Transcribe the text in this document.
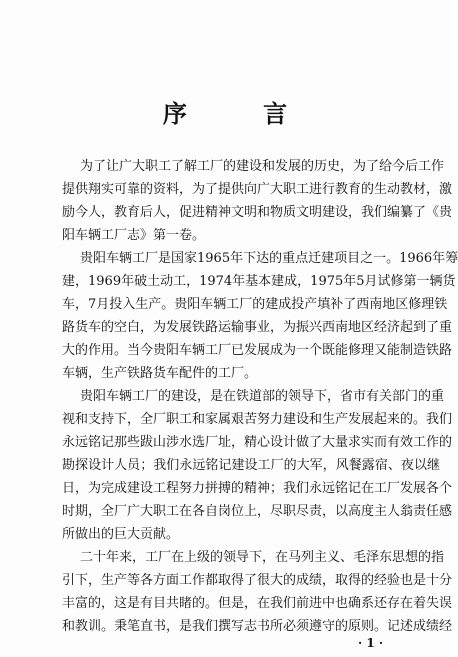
序 言
为了让广大职工了解工厂的建设和发展的历史，为了给今后工作
提供翔实可靠的资料，为了提供向广大职工进行教育的生动教材，激
励今人，教育后人，促进精神文明和物质文明建设，我们编纂了《贵
阳车辆工厂志》第一卷。
贵阳车辆工厂是国家1965年下达的重点迁建项目之一。1966年筹
建，1969年破土动工，1974年基本建成，1975年5月试修第一辆货
车，7月投入生产。贵阳车辆工厂的建成投产填补了西南地区修理铁
路货车的空白，为发展铁路运输事业，为振兴西南地区经济起到了重
大的作用。当今贵阳车辆工厂已发展成为一个既能修理又能制造铁路
车辆，生产铁路货车配件的工厂。
贵阳车辆工厂的建设，是在铁道部的领导下，省市有关部门的重
视和支持下，全厂职工和家属艰苦努力建设和生产发展起来的。我们
永远铭记那些跋山涉水选厂址，精心设计做了大量求实而有效工作的
勘探设计人员；我们永远铭记建设工厂的大军，风餐露宿、夜以继
日，为完成建设工程努力拼搏的精神；我们永远铭记在工厂发展各个
时期，全厂广大职工在各自岗位上，尽职尽责，以高度主人翁责任感
所做出的巨大贡献。
二十年来，工厂在上级的领导下，在马列主义、毛泽东思想的指
引下，生产等各方面工作都取得了很大的成绩，取得的经验也是十分
丰富的，这是有目共睹的。但是，在我们前进中也确系还存在着失误
和教训。秉笔直书，是我们撰写志书所必须遵守的原则。记述成绩经
· 1 ·
